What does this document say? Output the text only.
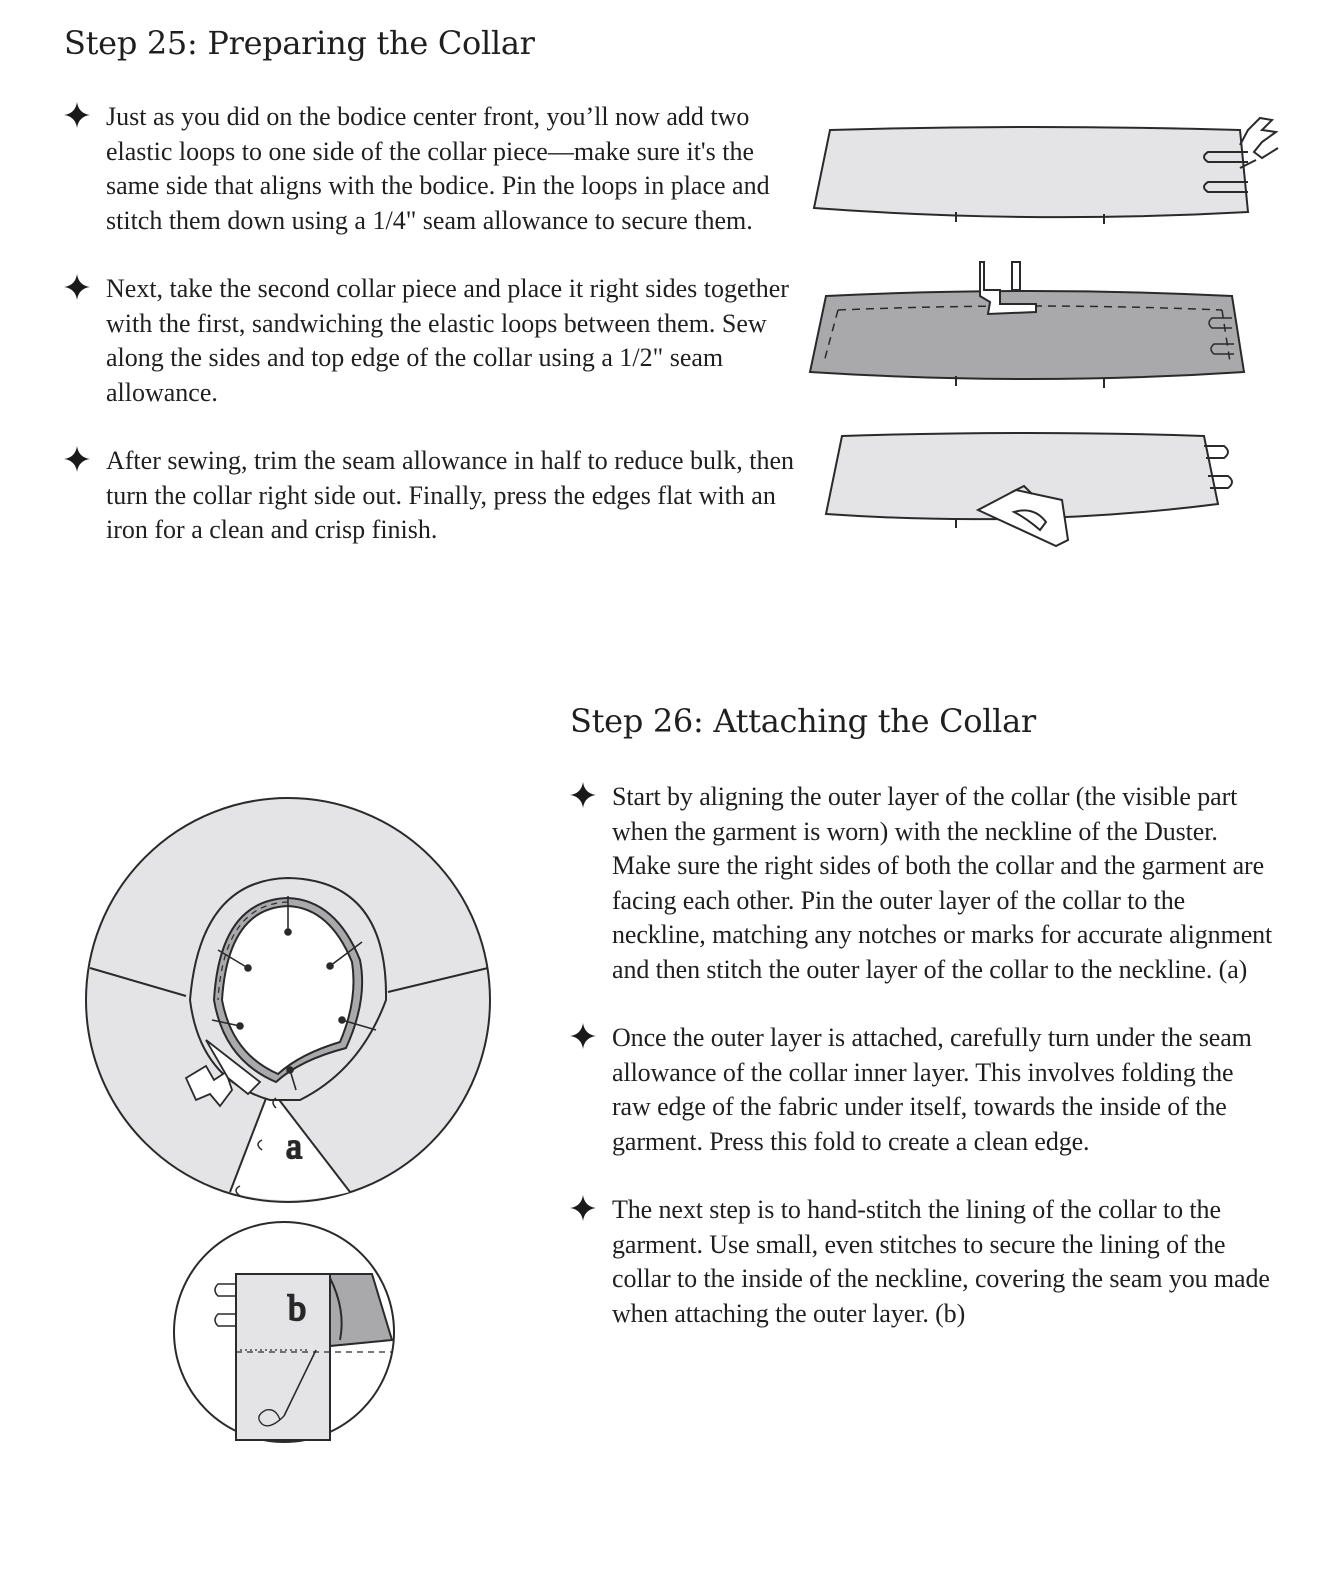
Step 25: Preparing the Collar
Just as you did on the bodice center front, you’ll now add two elastic loops to one side of the collar piece—make sure it's the same side that aligns with the bodice. Pin the loops in place and stitch them down using a 1/4" seam allowance to secure them.
Next, take the second collar piece and place it right sides together with the first, sandwiching the elastic loops between them. Sew along the sides and top edge of the collar using a 1/2" seam allowance.
After sewing, trim the seam allowance in half to reduce bulk, then turn the collar right side out. Finally, press the edges flat with an iron for a clean and crisp finish.
Step 26: Attaching the Collar
Start by aligning the outer layer of the collar (the visible part when the garment is worn) with the neckline of the Duster. Make sure the right sides of both the collar and the garment are facing each other. Pin the outer layer of the collar to the neckline, matching any notches or marks for accurate alignment and then stitch the outer layer of the collar to the neckline. (a)
Once the outer layer is attached, carefully turn under the seam allowance of the collar inner layer. This involves folding the raw edge of the fabric under itself, towards the inside of the garment. Press this fold to create a clean edge.
The next step is to hand-stitch the lining of the collar to the garment. Use small, even stitches to secure the lining of the collar to the inside of the neckline, covering the seam you made when attaching the outer layer. (b)
a
b
